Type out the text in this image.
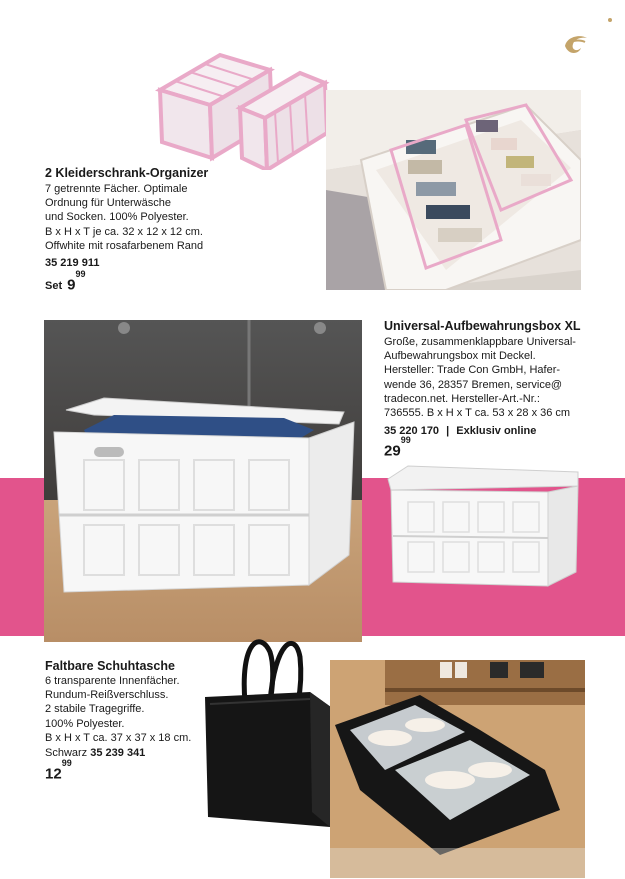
2 Kleiderschrank-Organizer
7 getrennte Fächer. Optimale
Ordnung für Unterwäsche
und Socken. 100% Polyester.
B x H x T je ca. 32 x 12 x 12 cm.
Offwhite mit rosafarbenem Rand
35 219 911
Set $9^{99}$
Universal-Aufbewahrungsbox XL
Große, zusammenklappbare Universal-
Aufbewahrungsbox mit Deckel.
Hersteller: Trade Con GmbH, Hafer-
wende 36, 28357 Bremen, service@
tradecon.net. Hersteller-Art.-Nr.:
736555. B x H x T ca. 53 x 28 x 36 cm
35 220 170 | Exklusiv online
$29^{99}$
Faltbare Schuhtasche
6 transparente Innenfächer.
Rundum-Reißverschluss.
2 stabile Tragegriffe.
100% Polyester.
B x H x T ca. 37 x 37 x 18 cm.
Schwarz 35 239 341
$12^{99}$
